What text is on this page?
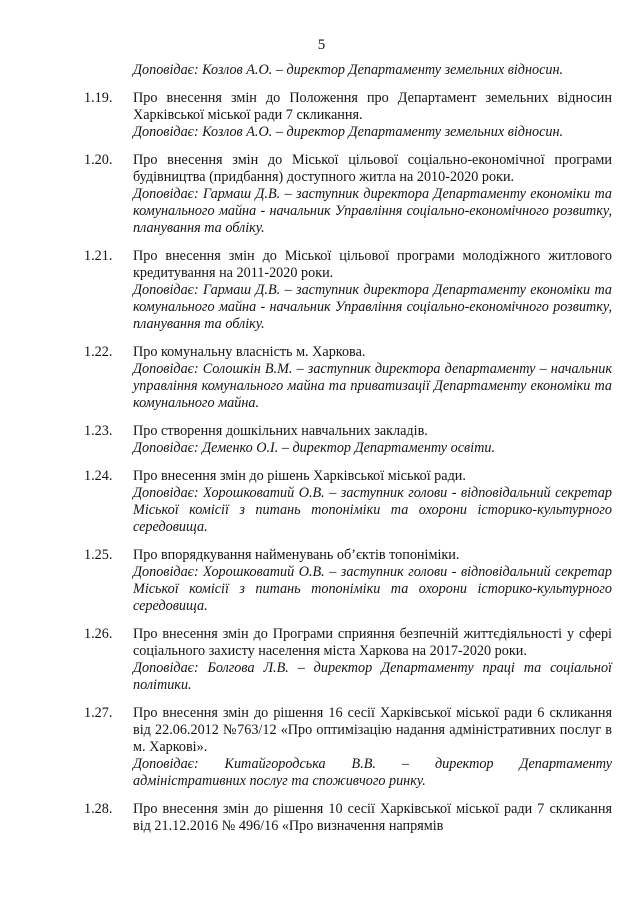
5
Доповідає: Козлов А.О. – директор Департаменту земельних відносин.
1.19.	Про внесення змін до Положення про Департамент земельних відносин Харківської міської ради 7 скликання.
Доповідає: Козлов А.О. – директор Департаменту земельних відносин.
1.20.	Про внесення змін до Міської цільової соціально-економічної програми будівництва (придбання) доступного житла на 2010-2020 роки.
Доповідає: Гармаш Д.В. – заступник директора Департаменту економіки та комунального майна - начальник Управління соціально-економічного розвитку, планування та обліку.
1.21.	Про внесення змін до Міської цільової програми молодіжного житлового кредитування на 2011-2020 роки.
Доповідає: Гармаш Д.В. – заступник директора Департаменту економіки та комунального майна - начальник Управління соціально-економічного розвитку, планування та обліку.
1.22.	Про комунальну власність м. Харкова.
Доповідає: Солошкін В.М. – заступник директора департаменту – начальник управління комунального майна та приватизації Департаменту економіки та комунального майна.
1.23.	Про створення дошкільних навчальних закладів.
Доповідає: Деменко О.І. – директор Департаменту освіти.
1.24.	Про внесення змін до рішень Харківської міської ради.
Доповідає: Хорошковатий О.В. – заступник голови - відповідальний секретар Міської комісії з питань топоніміки та охорони історико-культурного середовища.
1.25.	Про впорядкування найменувань об’єктів топоніміки.
Доповідає: Хорошковатий О.В. – заступник голови - відповідальний секретар Міської комісії з питань топоніміки та охорони історико-культурного середовища.
1.26.	Про внесення змін до Програми сприяння безпечній життєдіяльності у сфері соціального захисту населення міста Харкова на 2017-2020 роки.
Доповідає: Болгова Л.В. – директор Департаменту праці та соціальної політики.
1.27.	Про внесення змін до рішення 16 сесії Харківської міської ради 6 скликання від 22.06.2012 №763/12 «Про оптимізацію надання адміністративних послуг в м. Харкові».
Доповідає: Китайгородська В.В. – директор Департаменту адміністративних послуг та споживчого ринку.
1.28.	Про внесення змін до рішення 10 сесії Харківської міської ради 7 скликання від 21.12.2016 № 496/16 «Про визначення напрямів
